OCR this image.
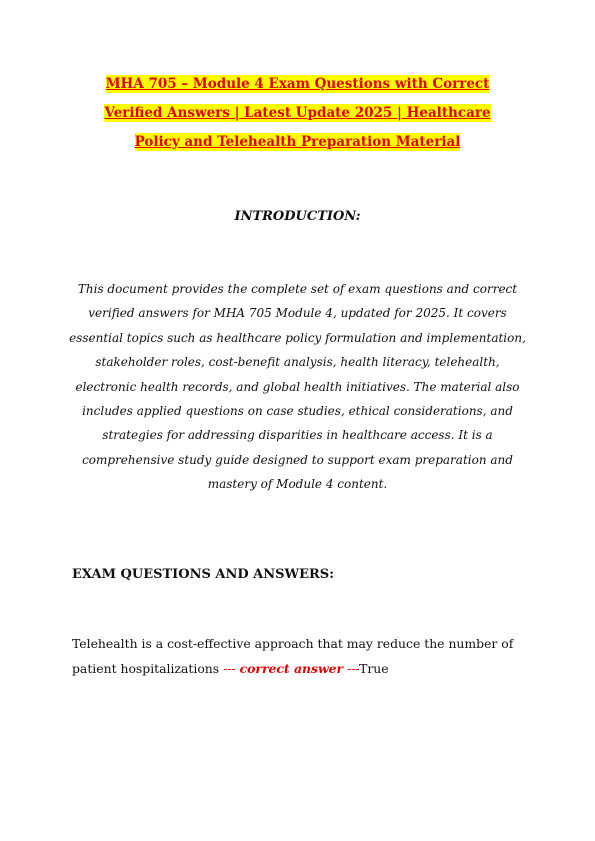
MHA 705 – Module 4 Exam Questions with Correct
Verified Answers | Latest Update 2025 | Healthcare
Policy and Telehealth Preparation Material
INTRODUCTION:
This document provides the complete set of exam questions and correct verified answers for MHA 705 Module 4, updated for 2025. It covers essential topics such as healthcare policy formulation and implementation, stakeholder roles, cost-benefit analysis, health literacy, telehealth, electronic health records, and global health initiatives. The material also includes applied questions on case studies, ethical considerations, and strategies for addressing disparities in healthcare access. It is a comprehensive study guide designed to support exam preparation and mastery of Module 4 content.
EXAM QUESTIONS AND ANSWERS:
Telehealth is a cost-effective approach that may reduce the number of patient hospitalizations --- correct answer ---True
